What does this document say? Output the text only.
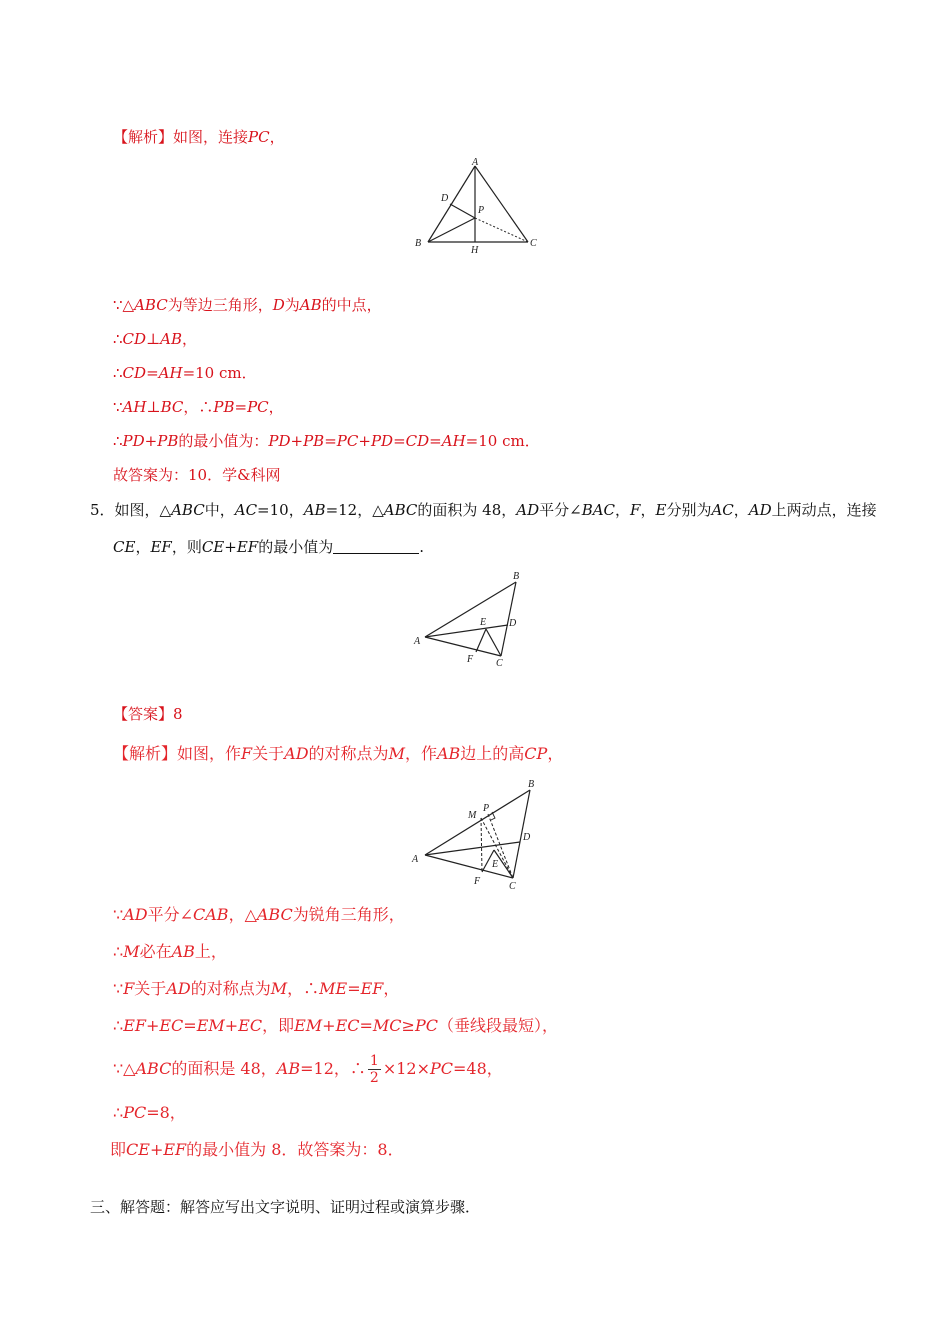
【解析】如图，连接PC，
A
D
P
B
H
C
∵△ABC为等边三角形，D为AB的中点，
∴CD⊥AB，
∴CD=AH=10 cm．
∵AH⊥BC，∴PB=PC，
∴PD+PB的最小值为：PD+PB=PC+PD=CD=AH=10 cm．
故答案为：10．学&科网
5．如图，△ABC中，AC=10，AB=12，△ABC的面积为 48，AD平分∠BAC，F，E分别为AC，AD上两动点，连接
CE，EF，则CE+EF的最小值为	.
B
E D
A
F C
【答案】8
【解析】如图，作F关于AD的对称点为M，作AB边上的高CP，
B
M
P
D
A	E
F	C
∵AD平分∠CAB，△ABC为锐角三角形，
∴M必在AB上，
∵F关于AD的对称点为M，∴ME=EF，
∴EF+EC=EM+EC，即EM+EC=MC≥PC（垂线段最短），
∵△ABC的面积是 48，AB=12，∴ $\frac{1}{2} \times 12\times PC=48$，
∴PC=8，
即CE+EF的最小值为 8．故答案为：8．
三、解答题：解答应写出文字说明、证明过程或演算步骤．
